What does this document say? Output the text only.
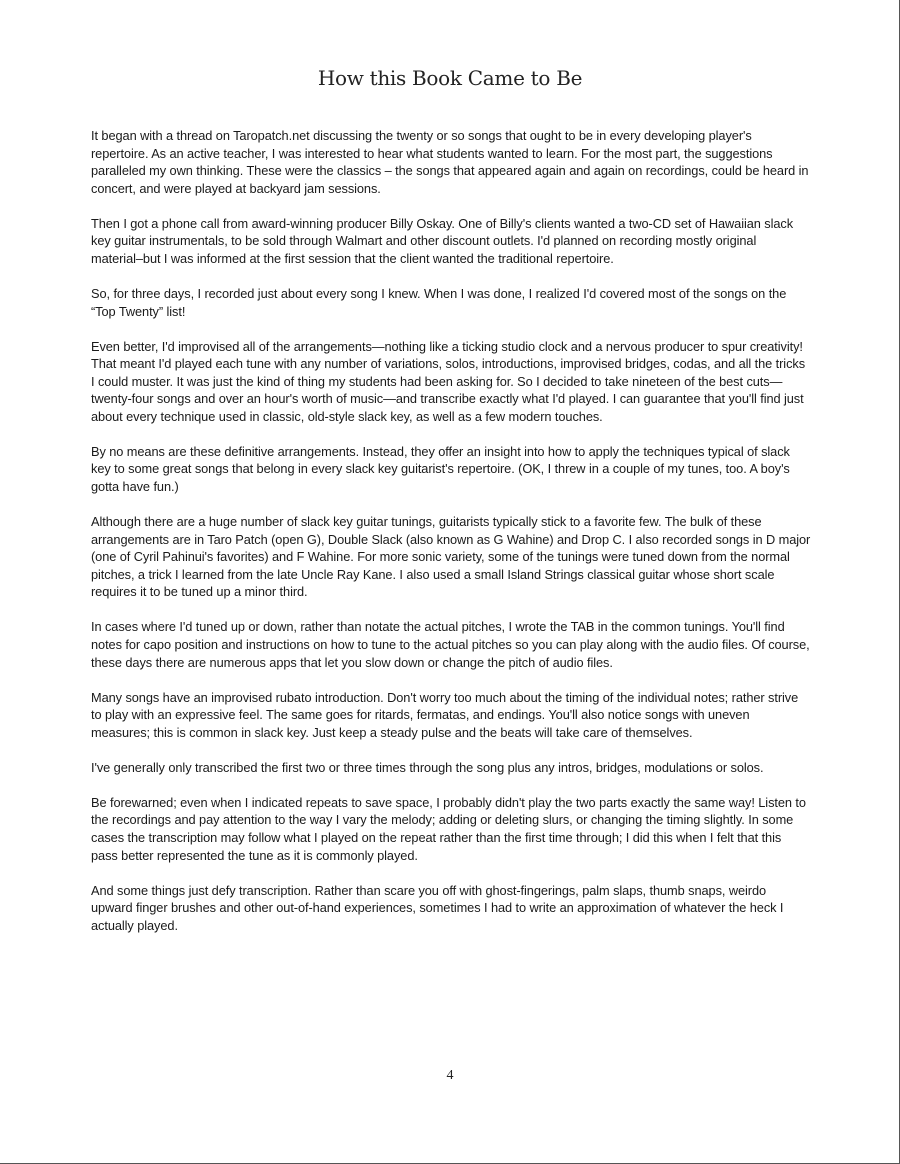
How this Book Came to Be

It began with a thread on Taropatch.net discussing the twenty or so songs that ought to be in every developing player's repertoire. As an active teacher, I was interested to hear what students wanted to learn. For the most part, the suggestions paralleled my own thinking. These were the classics – the songs that appeared again and again on recordings, could be heard in concert, and were played at backyard jam sessions.

Then I got a phone call from award-winning producer Billy Oskay. One of Billy's clients wanted a two-CD set of Hawaiian slack key guitar instrumentals, to be sold through Walmart and other discount outlets. I'd planned on recording mostly original material–but I was informed at the first session that the client wanted the traditional repertoire.

So, for three days, I recorded just about every song I knew. When I was done, I realized I'd covered most of the songs on the “Top Twenty” list!

Even better, I'd improvised all of the arrangements—nothing like a ticking studio clock and a nervous producer to spur creativity! That meant I'd played each tune with any number of variations, solos, introductions, improvised bridges, codas, and all the tricks I could muster. It was just the kind of thing my students had been asking for. So I decided to take nineteen of the best cuts—twenty-four songs and over an hour's worth of music—and transcribe exactly what I'd played. I can guarantee that you'll find just about every technique used in classic, old-style slack key, as well as a few modern touches.

By no means are these definitive arrangements. Instead, they offer an insight into how to apply the techniques typical of slack key to some great songs that belong in every slack key guitarist's repertoire. (OK, I threw in a couple of my tunes, too. A boy's gotta have fun.)

Although there are a huge number of slack key guitar tunings, guitarists typically stick to a favorite few. The bulk of these arrangements are in Taro Patch (open G), Double Slack (also known as G Wahine) and Drop C. I also recorded songs in D major (one of Cyril Pahinui's favorites) and F Wahine. For more sonic variety, some of the tunings were tuned down from the normal pitches, a trick I learned from the late Uncle Ray Kane. I also used a small Island Strings classical guitar whose short scale requires it to be tuned up a minor third.

In cases where I'd tuned up or down, rather than notate the actual pitches, I wrote the TAB in the common tunings. You'll find notes for capo position and instructions on how to tune to the actual pitches so you can play along with the audio files. Of course, these days there are numerous apps that let you slow down or change the pitch of audio files.

Many songs have an improvised rubato introduction. Don't worry too much about the timing of the individual notes; rather strive to play with an expressive feel. The same goes for ritards, fermatas, and endings. You'll also notice songs with uneven measures; this is common in slack key. Just keep a steady pulse and the beats will take care of themselves.

I've generally only transcribed the first two or three times through the song plus any intros, bridges, modulations or solos.

Be forewarned; even when I indicated repeats to save space, I probably didn't play the two parts exactly the same way! Listen to the recordings and pay attention to the way I vary the melody; adding or deleting slurs, or changing the timing slightly. In some cases the transcription may follow what I played on the repeat rather than the first time through; I did this when I felt that this pass better represented the tune as it is commonly played.

And some things just defy transcription. Rather than scare you off with ghost-fingerings, palm slaps, thumb snaps, weirdo upward finger brushes and other out-of-hand experiences, sometimes I had to write an approximation of whatever the heck I actually played.

4
